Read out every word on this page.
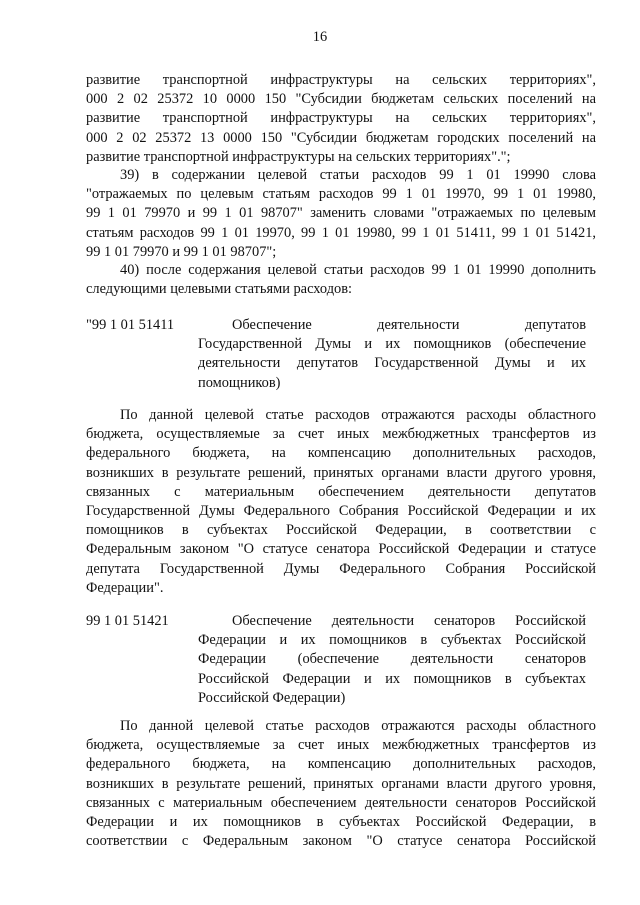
16
развитие транспортной инфраструктуры на сельских территориях",
000 2 02 25372 10 0000 150 "Субсидии бюджетам сельских поселений на
развитие транспортной инфраструктуры на сельских территориях",
000 2 02 25372 13 0000 150 "Субсидии бюджетам городских поселений на
развитие транспортной инфраструктуры на сельских территориях".";
39) в содержании целевой статьи расходов 99 1 01 19990 слова
"отражаемых по целевым статьям расходов 99 1 01 19970, 99 1 01 19980,
99 1 01 79970 и 99 1 01 98707" заменить словами "отражаемых по целевым
статьям расходов 99 1 01 19970, 99 1 01 19980, 99 1 01 51411, 99 1 01 51421,
99 1 01 79970 и 99 1 01 98707";
40) после содержания целевой статьи расходов 99 1 01 19990 дополнить
следующими целевыми статьями расходов:
"99 1 01 51411	Обеспечение деятельности депутатов
Государственной Думы и их помощников (обеспечение
деятельности депутатов Государственной Думы и их
помощников)
По данной целевой статье расходов отражаются расходы областного
бюджета, осуществляемые за счет иных межбюджетных трансфертов из
федерального бюджета, на компенсацию дополнительных расходов,
возникших в результате решений, принятых органами власти другого уровня,
связанных с материальным обеспечением деятельности депутатов
Государственной Думы Федерального Собрания Российской Федерации и их
помощников в субъектах Российской Федерации, в соответствии с
Федеральным законом "О статусе сенатора Российской Федерации и статусе
депутата Государственной Думы Федерального Собрания Российской
Федерации".
99 1 01 51421	Обеспечение деятельности сенаторов Российской
Федерации и их помощников в субъектах Российской
Федерации (обеспечение деятельности сенаторов
Российской Федерации и их помощников в субъектах
Российской Федерации)
По данной целевой статье расходов отражаются расходы областного
бюджета, осуществляемые за счет иных межбюджетных трансфертов из
федерального бюджета, на компенсацию дополнительных расходов,
возникших в результате решений, принятых органами власти другого уровня,
связанных с материальным обеспечением деятельности сенаторов Российской
Федерации и их помощников в субъектах Российской Федерации, в
соответствии с Федеральным законом "О статусе сенатора Российской
